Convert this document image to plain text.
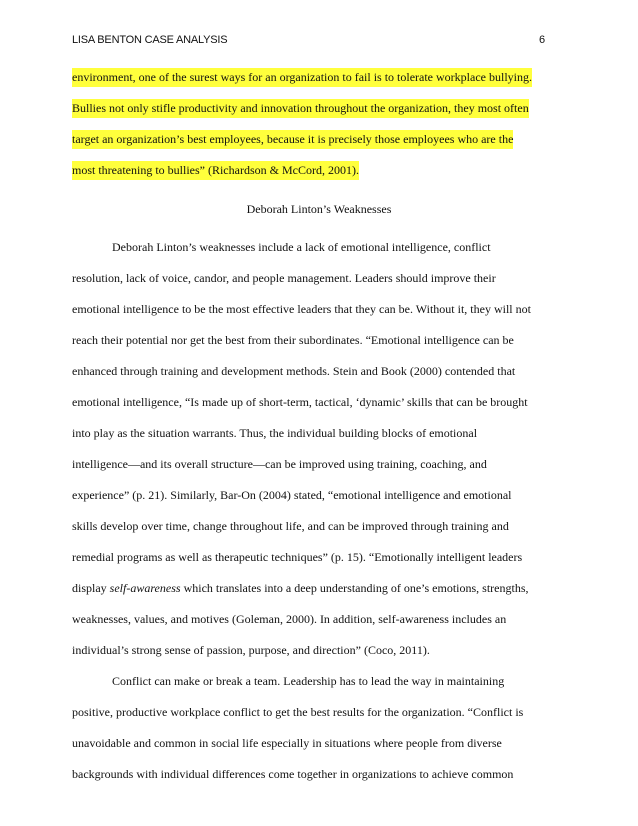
LISA BENTON CASE ANALYSIS	6
environment, one of the surest ways for an organization to fail is to tolerate workplace bullying.
Bullies not only stifle productivity and innovation throughout the organization, they most often
target an organization’s best employees, because it is precisely those employees who are the
most threatening to bullies” (Richardson & McCord, 2001).
Deborah Linton’s Weaknesses
Deborah Linton’s weaknesses include a lack of emotional intelligence, conflict
resolution, lack of voice, candor, and people management. Leaders should improve their
emotional intelligence to be the most effective leaders that they can be. Without it, they will not
reach their potential nor get the best from their subordinates. “Emotional intelligence can be
enhanced through training and development methods. Stein and Book (2000) contended that
emotional intelligence, “Is made up of short-term, tactical, ‘dynamic’ skills that can be brought
into play as the situation warrants. Thus, the individual building blocks of emotional
intelligence—and its overall structure—can be improved using training, coaching, and
experience” (p. 21). Similarly, Bar-On (2004) stated, “emotional intelligence and emotional
skills develop over time, change throughout life, and can be improved through training and
remedial programs as well as therapeutic techniques” (p. 15). “Emotionally intelligent leaders
display self-awareness which translates into a deep understanding of one’s emotions, strengths,
weaknesses, values, and motives (Goleman, 2000). In addition, self-awareness includes an
individual’s strong sense of passion, purpose, and direction” (Coco, 2011).
Conflict can make or break a team. Leadership has to lead the way in maintaining
positive, productive workplace conflict to get the best results for the organization. “Conflict is
unavoidable and common in social life especially in situations where people from diverse
backgrounds with individual differences come together in organizations to achieve common
